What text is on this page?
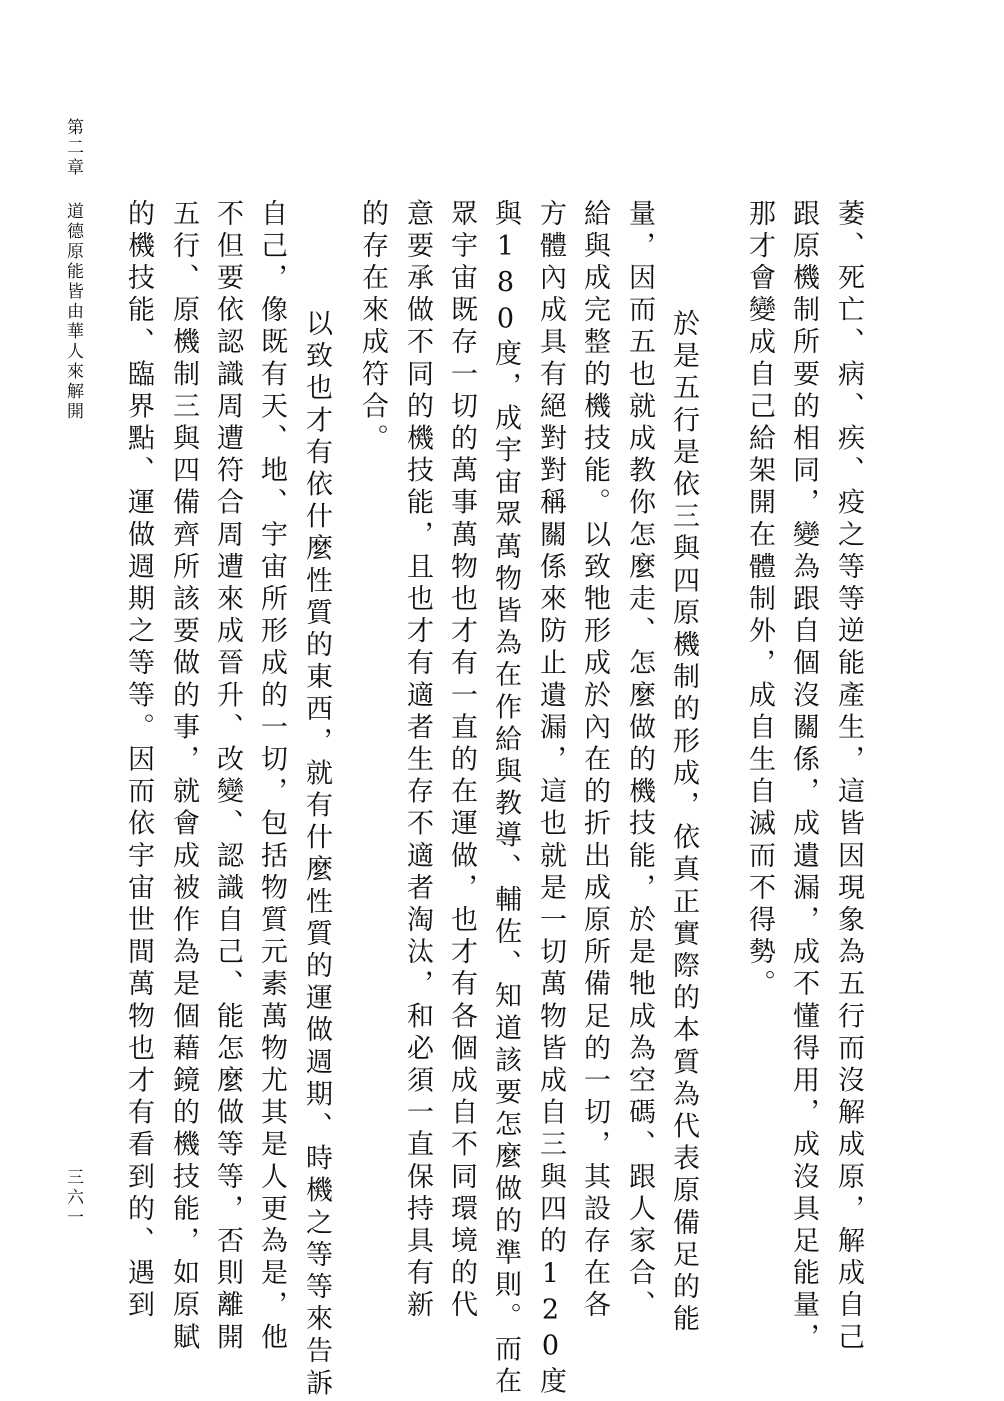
第二章道德原能皆由華人來解開
三六一	萎、死亡、病、疾、疫之等等逆能產生，這皆因現象為五行而沒解成原，解成自己
跟原機制所要的相同，變為跟自個沒關係，成遺漏，成不懂得用，成沒具足能量，
那才會變成自己給架開在體制外，成自生自滅而不得勢。
　　於是五行是依三與四原機制的形成，依真正實際的本質為代表原備足的能
量，因而五也就成教你怎麼走、怎麼做的機技能，於是牠成為空碼、跟人家合、
給與成完整的機技能。以致牠形成於內在的折出成原所備足的一切，其設存在各
方體內成具有絕對對稱關係來防止遺漏，這也就是一切萬物皆成自三與四的120度
與180度，成宇宙眾萬物皆為在作給與教導、輔佐、知道該要怎麼做的準則。而在
眾宇宙既存一切的萬事萬物也才有一直的在運做，也才有各個成自不同環境的代
意要承做不同的機技能，且也才有適者生存不適者淘汰，和必須一直保持具有新
的存在來成符合。
　　以致也才有依什麼性質的東西，就有什麼性質的運做週期、時機之等等來告訴
自己，像既有天、地、宇宙所形成的一切，包括物質元素萬物尤其是人更為是，他
不但要依認識周遭符合周遭來成晉升、改變、認識自己、能怎麼做等等，否則離開
五行、原機制三與四備齊所該要做的事，就會成被作為是個藉鏡的機技能，如原賦
的機技能、臨界點、運做週期之等等。因而依宇宙世間萬物也才有看到的、遇到
